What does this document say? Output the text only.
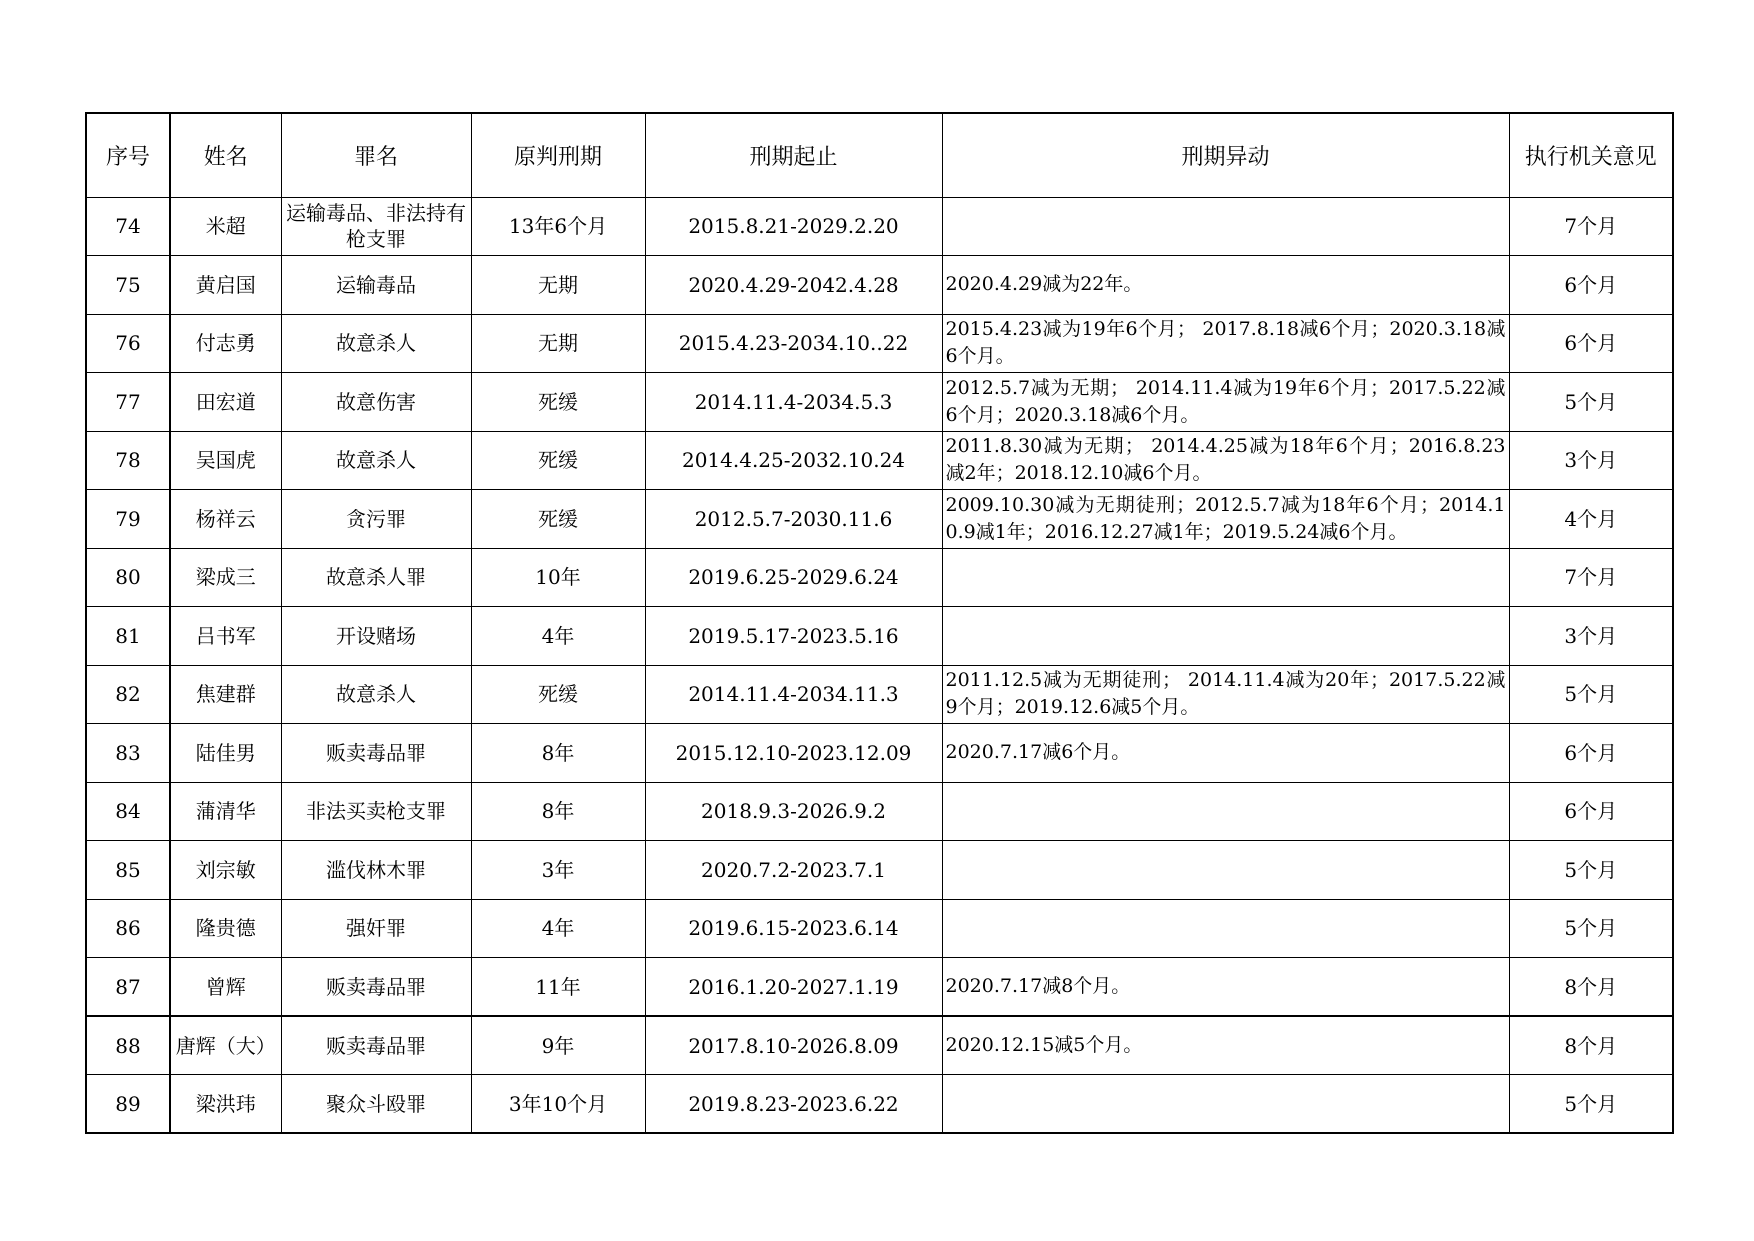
序号	姓名	罪名	原判刑期	刑期起止	刑期异动	执行机关意见
74	米超	运输毒品、非法持有枪支罪	13年6个月	2015.8.21-2029.2.20		7个月
75	黄启国	运输毒品	无期	2020.4.29-2042.4.28	2020.4.29减为22年。	6个月
76	付志勇	故意杀人	无期	2015.4.23-2034.10..22	2015.4.23减为19年6个月； 2017.8.18减6个月；2020.3.18减6个月。	6个月
77	田宏道	故意伤害	死缓	2014.11.4-2034.5.3	2012.5.7减为无期； 2014.11.4减为19年6个月；2017.5.22减6个月；2020.3.18减6个月。	5个月
78	吴国虎	故意杀人	死缓	2014.4.25-2032.10.24	2011.8.30减为无期； 2014.4.25减为18年6个月；2016.8.23减2年；2018.12.10减6个月。	3个月
79	杨祥云	贪污罪	死缓	2012.5.7-2030.11.6	2009.10.30减为无期徒刑；2012.5.7减为18年6个月；2014.10.9减1年；2016.12.27减1年；2019.5.24减6个月。	4个月
80	梁成三	故意杀人罪	10年	2019.6.25-2029.6.24		7个月
81	吕书军	开设赌场	4年	2019.5.17-2023.5.16		3个月
82	焦建群	故意杀人	死缓	2014.11.4-2034.11.3	2011.12.5减为无期徒刑； 2014.11.4减为20年；2017.5.22减9个月；2019.12.6减5个月。	5个月
83	陆佳男	贩卖毒品罪	8年	2015.12.10-2023.12.09	2020.7.17减6个月。	6个月
84	蒲清华	非法买卖枪支罪	8年	2018.9.3-2026.9.2		6个月
85	刘宗敏	滥伐林木罪	3年	2020.7.2-2023.7.1		5个月
86	隆贵德	强奸罪	4年	2019.6.15-2023.6.14		5个月
87	曾辉	贩卖毒品罪	11年	2016.1.20-2027.1.19	2020.7.17减8个月。	8个月
88	唐辉（大）	贩卖毒品罪	9年	2017.8.10-2026.8.09	2020.12.15减5个月。	8个月
89	梁洪玮	聚众斗殴罪	3年10个月	2019.8.23-2023.6.22		5个月
